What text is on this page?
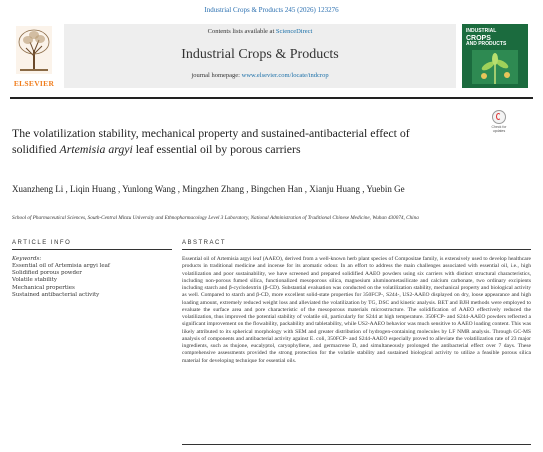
Industrial Crops & Products 245 (2026) 123276
ELSEVIER
Contents lists available at ScienceDirect
Industrial Crops & Products
journal homepage: www.elsevier.com/locate/indcrop
INDUSTRIAL
CROPS
AND PRODUCTS
The volatilization stability, mechanical property and sustained-antibacterial effect of solidified Artemisia argyi leaf essential oil by porous carriers
Check for updates
Xuanzheng Li , Liqin Huang , Yunlong Wang , Mingzhen Zhang , Bingchen Han , Xianju Huang , Yuebin Ge
School of Pharmaceutical Sciences, South-Central Minzu University and Ethnopharmacology Level 3 Laboratory, National Administration of Traditional Chinese Medicine, Wuhan 430074, China
ARTICLE INFO	ABSTRACT
Keywords:
Essential oil of Artemisia argyi leaf
Solidified porous powder
Volatile stability
Mechanical properties
Sustained antibacterial activity
Essential oil of Artemisia argyi leaf (AAEO), derived from a well-known herb plant species of Compositae family, is extensively used to develop healthcare products in traditional medicine and incense for its aromatic odour. In an effort to address the main challenges associated with essential oil, i.e., high volatilization and poor sustainability, we have screened and prepared solidified AAEO powders using six carriers with distinct structural characteristics, including non-porous fumed silica, functionalized mesoporous silica, magnesium aluminometasilicate and calcium carbonate, two ordinary excipients including starch and β-cyclodextrin (β-CD). Substantial evaluation was conducted on the volatilization stability, mechanical property and biological activity as well. Compared to starch and β-CD, more excellent solid-state properties for 350FCP-, S244-, US2-AAEO displayed on dry, loose appearance and high loading amount, extremely reduced weight loss and alleviated the volatilization by TG, DSC and kinetic analysis. BET and BJH methods were employed to evaluate the surface area and pore characteristic of the mesoporous materials microstructure. The solidification of AAEO effectively reduced the volatilization, thus improved the potential stability of volatile oil, particularly for S244 at high temperature. 350FCP- and S244-AAEO powders reflected a significant improvement on the flowability, packability and tabletability, while US2-AAEO behavior was much sensitive to AAEO loading content. This was likely attributed to its spherical morphology with SEM and greater distribution of hydrogen-containing molecules by LF NMR analysis. Through GC-MS analysis of components and antibacterial activity against E. coli, 350FCP- and S244-AAEO especially proved to alleviate the volatilization rate of 23 major ingredients, such as thujone, eucalyptol, caryophyllene, and germacrene D, and simultaneously prolonged the antibacterial effect over 7 days. These comprehensive assessments provided the strong protection for the volatile stability and sustained biological activity to utilize a feasible porous silica material for developing technique for essential oils.
